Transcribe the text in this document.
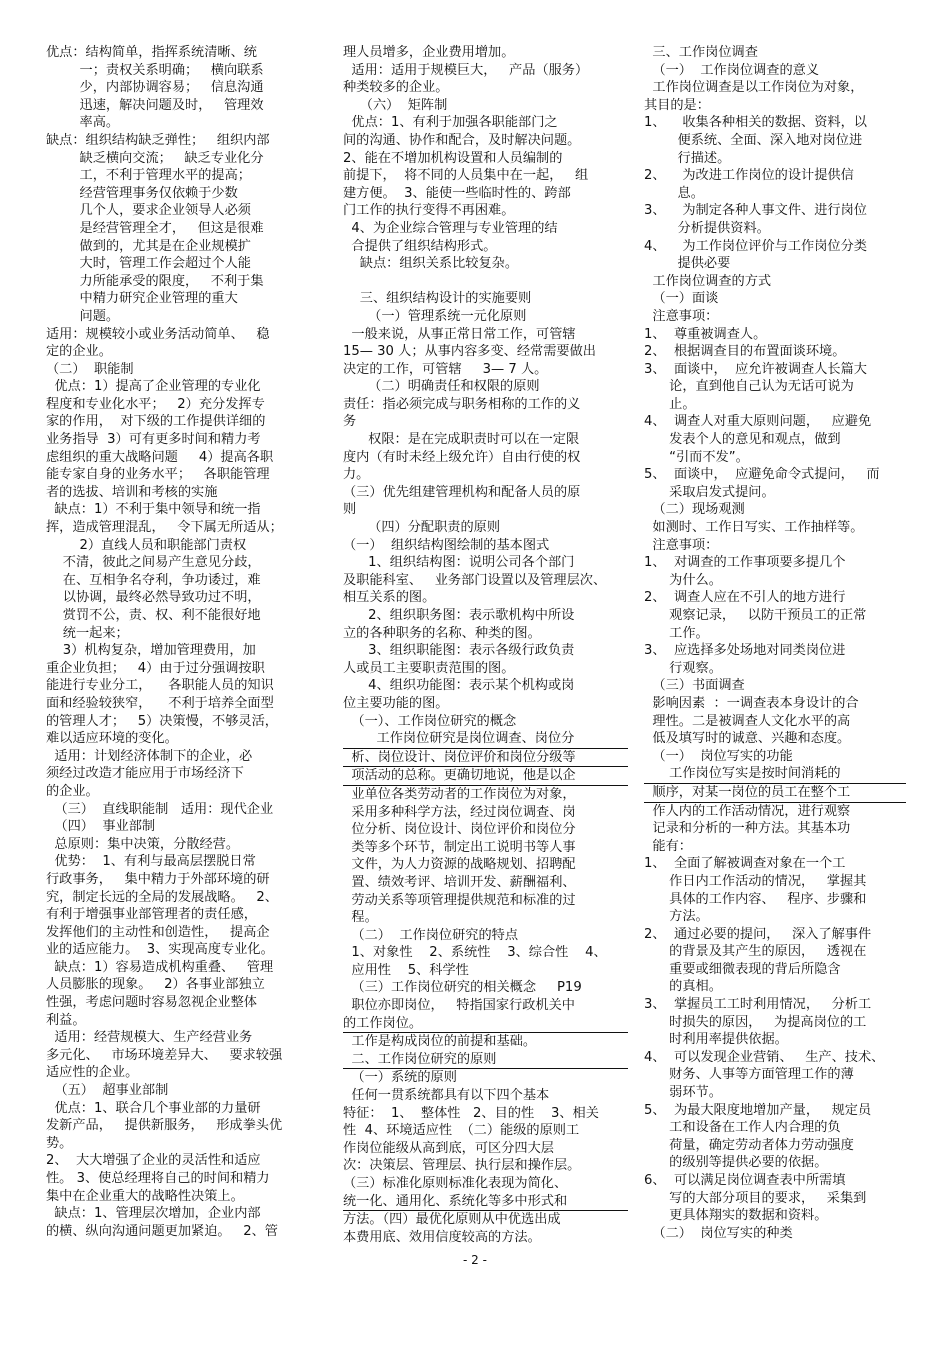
优点：结构简单，指挥系统清晰、统

一；责权关系明确；   横向联系

少，内部协调容易；   信息沟通

迅速，解决问题及时，   管理效

率高。

缺点：组织结构缺乏弹性；   组织内部

缺乏横向交流；   缺乏专业化分

工，不利于管理水平的提高；

经营管理事务仅依赖于少数

几个人，要求企业领导人必须

是经营管理全才，   但这是很难

做到的，尤其是在企业规模扩

大时，管理工作会超过个人能

力所能承受的限度，   不利于集

中精力研究企业管理的重大

问题。

适用：规模较小或业务活动简单、   稳

定的企业。

（二）  职能制

优点：1）提高了企业管理的专业化

程度和专业化水平；   2）充分发挥专

家的作用，  对下级的工作提供详细的

业务指导  3）可有更多时间和精力考

虑组织的重大战略问题     4）提高各职

能专家自身的业务水平；   各职能管理

者的选拔、培训和考核的实施

缺点：1）不利于集中领导和统一指

挥，造成管理混乱，   令下属无所适从；

2）直线人员和职能部门责权

不清，彼此之间易产生意见分歧，

在、互相争名夺利，争功诿过，难

以协调，最终必然导致功过不明，

赏罚不公，责、权、利不能很好地

统一起来；

3）机构复杂，增加管理费用，加

重企业负担；   4）由于过分强调按职

能进行专业分工，    各职能人员的知识

面和经验较狭窄，    不利于培养全面型

的管理人才；   5）决策慢，不够灵活，

难以适应环境的变化。

适用：计划经济体制下的企业，必

须经过改造才能应用于市场经济下

的企业。

（三）  直线职能制   适用：现代企业

（四）  事业部制

总原则：集中决策，分散经营。

优势：  1、有利与最高层摆脱日常

行政事务，   集中精力于外部环境的研

究，制定长远的全局的发展战略。   2、

有利于增强事业部管理者的责任感，

发挥他们的主动性和创造性，   提高企

业的适应能力。  3、实现高度专业化。

缺点：1）容易造成机构重叠、   管理

人员膨胀的现象。   2）各事业部独立

性强，考虑问题时容易忽视企业整体

利益。

适用：经营规模大、生产经营业务

多元化、   市场环境差异大、   要求较强

适应性的企业。

（五）  超事业部制

优点：1、联合几个事业部的力量研

发新产品，   提供新服务，   形成拳头优

势。

2、  大大增强了企业的灵活性和适应

性。 3、使总经理将自己的时间和精力

集中在企业重大的战略性决策上。

缺点：1、管理层次增加，企业内部

的横、纵向沟通问题更加紧迫。   2、管

理人员增多，企业费用增加。

适用：适用于规模巨大，   产品（服务）

种类较多的企业。

（六）  矩阵制

优点：1、有利于加强各职能部门之

间的沟通、协作和配合，及时解决问题。

2、能在不增加机构设置和人员编制的

前提下，  将不同的人员集中在一起，   组

建方便。  3、能使一些临时性的、跨部

门工作的执行变得不再困难。

4、为企业综合管理与专业管理的结

合提供了组织结构形式。

缺点：组织关系比较复杂。

三、组织结构设计的实施要则

（一）管理系统一元化原则

一般来说，从事正常日常工作，可管辖

15— 30 人；从事内容多变、经常需要做出

决定的工作，可管辖     3— 7 人。

（二）明确责任和权限的原则

责任：指必须完成与职务相称的工作的义

务

权限：是在完成职责时可以在一定限

度内（有时未经上级允许）自由行使的权

力。

（三）优先组建管理机构和配备人员的原

则

（四）分配职责的原则

（一）  组织结构图绘制的基本图式

1、组织结构图：说明公司各个部门

及职能科室、   业务部门设置以及管理层次、

相互关系的图。

2、组织职务图：表示歌机构中所设

立的各种职务的名称、种类的图。

3、组织职能图：表示各级行政负责

人或员工主要职责范围的图。

4、组织功能图：表示某个机构或岗

位主要功能的图。

（一）、工作岗位研究的概念

工作岗位研究是岗位调查、岗位分

析、岗位设计、岗位评价和岗位分级等

项活动的总称。更确切地说，他是以企

业单位各类劳动者的工作岗位为对象，

采用多种科学方法，经过岗位调查、岗

位分析、岗位设计、岗位评价和岗位分

类等多个环节，制定出工说明书等人事

文件，为人力资源的战略规划、招聘配

置、绩效考评、培训开发、薪酬福利、

劳动关系等项管理提供规范和标准的过

程。

（二）  工作岗位研究的特点

1、对象性    2、系统性    3、综合性    4、

应用性    5、科学性

（三）工作岗位研究的相关概念     P19

职位亦即岗位，   特指国家行政机关中

的工作岗位。

工作是构成岗位的前提和基础。

二、工作岗位研究的原则

（一）系统的原则

任何一贯系统都具有以下四个基本

特征：  1、  整体性   2、目的性    3、相关

性  4、环境适应性  （二）能级的原则工

作岗位能级从高到底，可区分四大层

次：决策层、管理层、执行层和操作层。

（三）标准化原则标准化表现为简化、

统一化、通用化、系统化等多中形式和

方法。（四）最优化原则从中优选出成

本费用底、效用信度较高的方法。

三、工作岗位调查

（一）  工作岗位调查的意义

工作岗位调查是以工作岗位为对象，

其目的是：

1、    收集各种相关的数据、资料，以

便系统、全面、深入地对岗位进

行描述。

2、    为改进工作岗位的设计提供信

息。

3、    为制定各种人事文件、进行岗位

分析提供资料。

4、    为工作岗位评价与工作岗位分类

提供必要

工作岗位调查的方式

（一）面谈

注意事项：

1、  尊重被调查人。

2、  根据调查目的布置面谈环境。

3、  面谈中，  应允许被调查人长篇大

论，直到他自己认为无话可说为

止。

4、  调查人对重大原则问题，   应避免

发表个人的意见和观点，做到

“引而不发”。

5、  面谈中，  应避免命令式提问，   而

采取启发式提问。

（二）现场观测

如测时、工作日写实、工作抽样等。

注意事项：

1、  对调查的工作事项要多提几个

为什么。

2、  调查人应在不引人的地方进行

观察记录，   以防干预员工的正常

工作。

3、  应选择多处场地对同类岗位进

行观察。

（三）书面调查

影响因素  ：一调查表本身设计的合

理性。二是被调查人文化水平的高

低及填写时的诚意、兴趣和态度。

（一）  岗位写实的功能

工作岗位写实是按时间消耗的

顺序，对某一岗位的员工在整个工

作人内的工作活动情况，进行观察

记录和分析的一种方法。其基本功

能有：

1、  全面了解被调查对象在一个工

作日内工作活动的情况，   掌握其

具体的工作内容、   程序、步骤和

方法。

2、  通过必要的提问，   深入了解事件

的背景及其产生的原因，   透视在

重要或细微表现的背后所隐含

的真相。

3、  掌握员工工时利用情况，   分析工

时损失的原因，   为提高岗位的工

时利用率提供依据。

4、  可以发现企业营销、   生产、技术、

财务、人事等方面管理工作的薄

弱环节。

5、  为最大限度地增加产量，   规定员

工和设备在工作人内合理的负

荷量，确定劳动者体力劳动强度

的级别等提供必要的依据。

6、  可以满足岗位调查表中所需填

写的大部分项目的要求，   采集到

更具体翔实的数据和资料。

（二）  岗位写实的种类

- 2 -
